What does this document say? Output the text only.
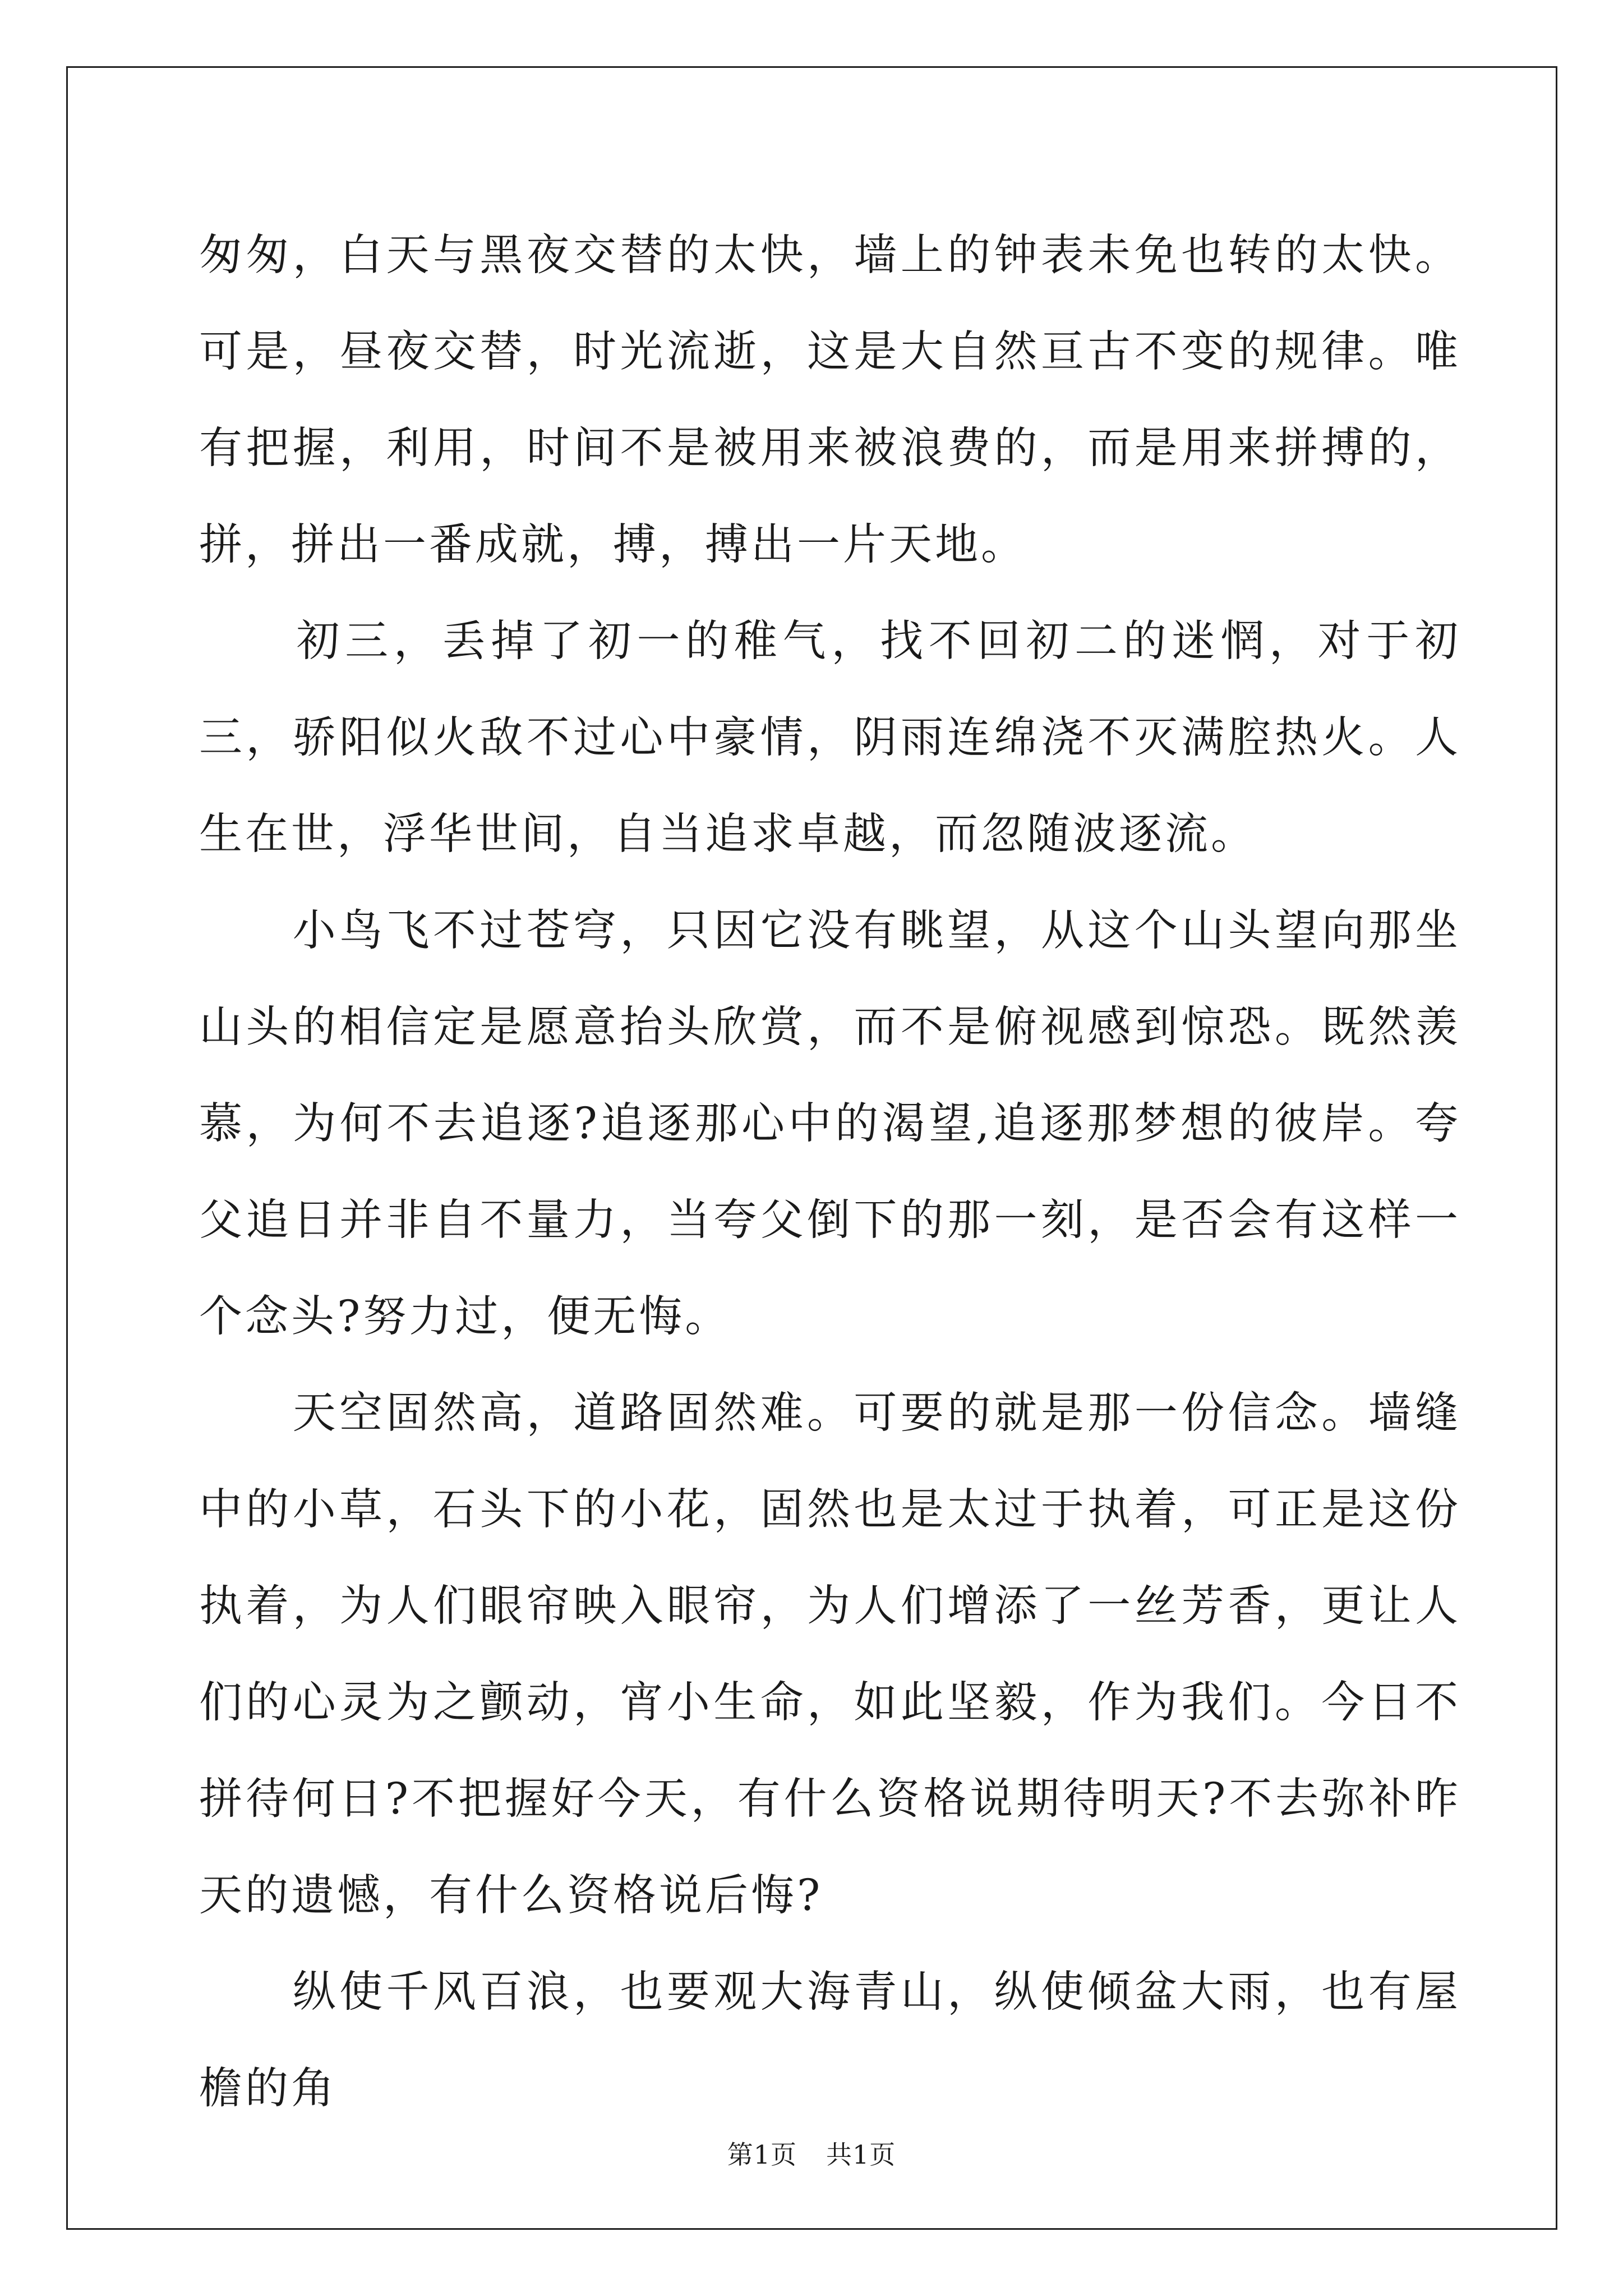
匆匆，白天与黑夜交替的太快，墙上的钟表未免也转的太快。可是，昼夜交替，时光流逝，这是大自然亘古不变的规律。唯有把握，利用，时间不是被用来被浪费的，而是用来拼搏的，拼，拼出一番成就，搏，搏出一片天地。

　　初三，丢掉了初一的稚气，找不回初二的迷惘，对于初三，骄阳似火敌不过心中豪情，阴雨连绵浇不灭满腔热火。人生在世，浮华世间，自当追求卓越，而忽随波逐流。

　　小鸟飞不过苍穹，只因它没有眺望，从这个山头望向那坐山头的相信定是愿意抬头欣赏，而不是俯视感到惊恐。既然羡慕，为何不去追逐?追逐那心中的渴望,追逐那梦想的彼岸。夸父追日并非自不量力，当夸父倒下的那一刻，是否会有这样一个念头?努力过，便无悔。

　　天空固然高，道路固然难。可要的就是那一份信念。墙缝中的小草，石头下的小花，固然也是太过于执着，可正是这份执着，为人们眼帘映入眼帘，为人们增添了一丝芳香，更让人们的心灵为之颤动，宵小生命，如此坚毅，作为我们。今日不拼待何日?不把握好今天，有什么资格说期待明天?不去弥补昨天的遗憾，有什么资格说后悔?

　　纵使千风百浪，也要观大海青山，纵使倾盆大雨，也有屋檐的角

第1页 共1页
